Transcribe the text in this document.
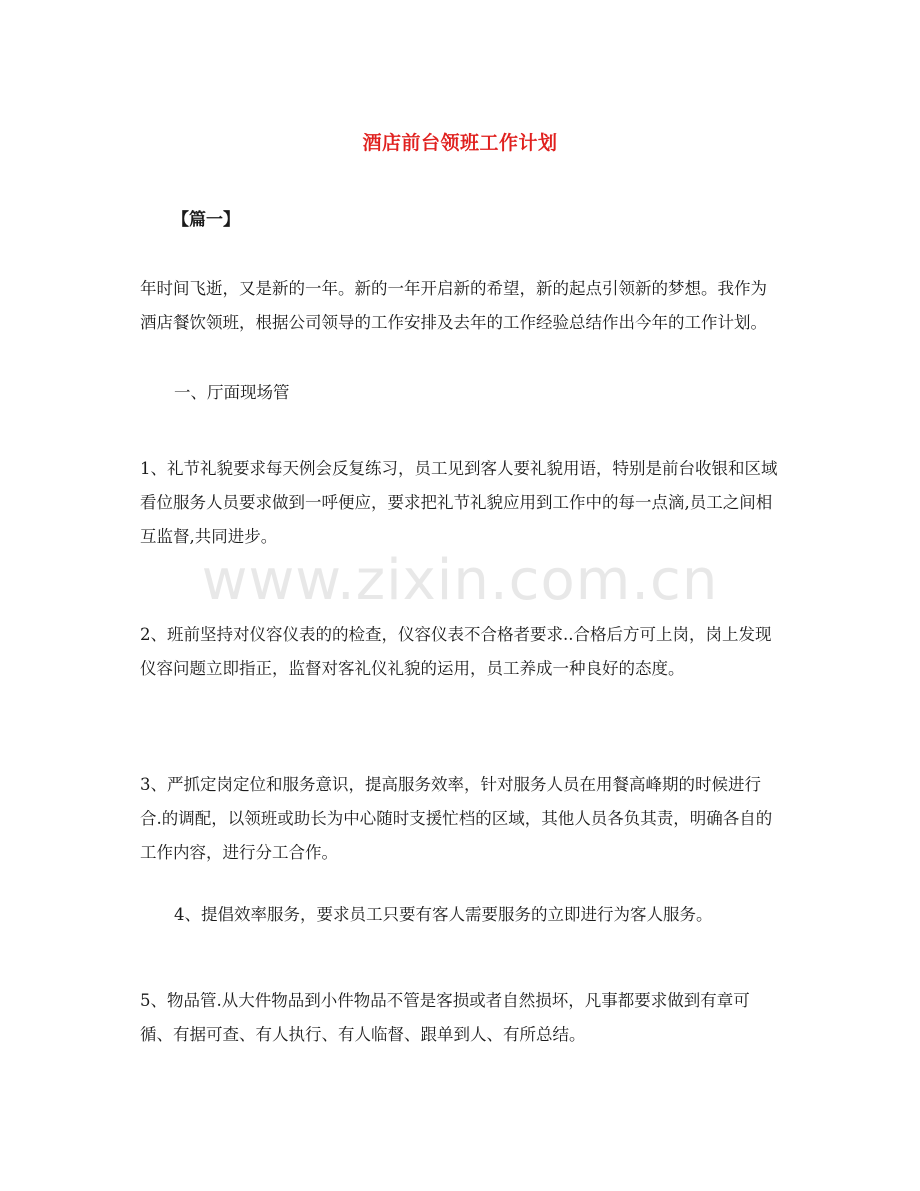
酒店前台领班工作计划
【篇一】

年时间飞逝，又是新的一年。新的一年开启新的希望，新的起点引领新的梦想。我作为酒店餐饮领班，根据公司领导的工作安排及去年的工作经验总结作出今年的工作计划。

一、厅面现场管

1、礼节礼貌要求每天例会反复练习，员工见到客人要礼貌用语，特别是前台收银和区域看位服务人员要求做到一呼便应，要求把礼节礼貌应用到工作中的每一点滴,员工之间相互监督,共同进步。

2、班前坚持对仪容仪表的的检查，仪容仪表不合格者要求..合格后方可上岗，岗上发现仪容问题立即指正，监督对客礼仪礼貌的运用，员工养成一种良好的态度。

3、严抓定岗定位和服务意识，提高服务效率，针对服务人员在用餐高峰期的时候进行合.的调配，以领班或助长为中心随时支援忙档的区域，其他人员各负其责，明确各自的工作内容，进行分工合作。

4、提倡效率服务，要求员工只要有客人需要服务的立即进行为客人服务。

5、物品管.从大件物品到小件物品不管是客损或者自然损坏，凡事都要求做到有章可循、有据可查、有人执行、有人临督、跟单到人、有所总结。

www.zixin.com.cn
